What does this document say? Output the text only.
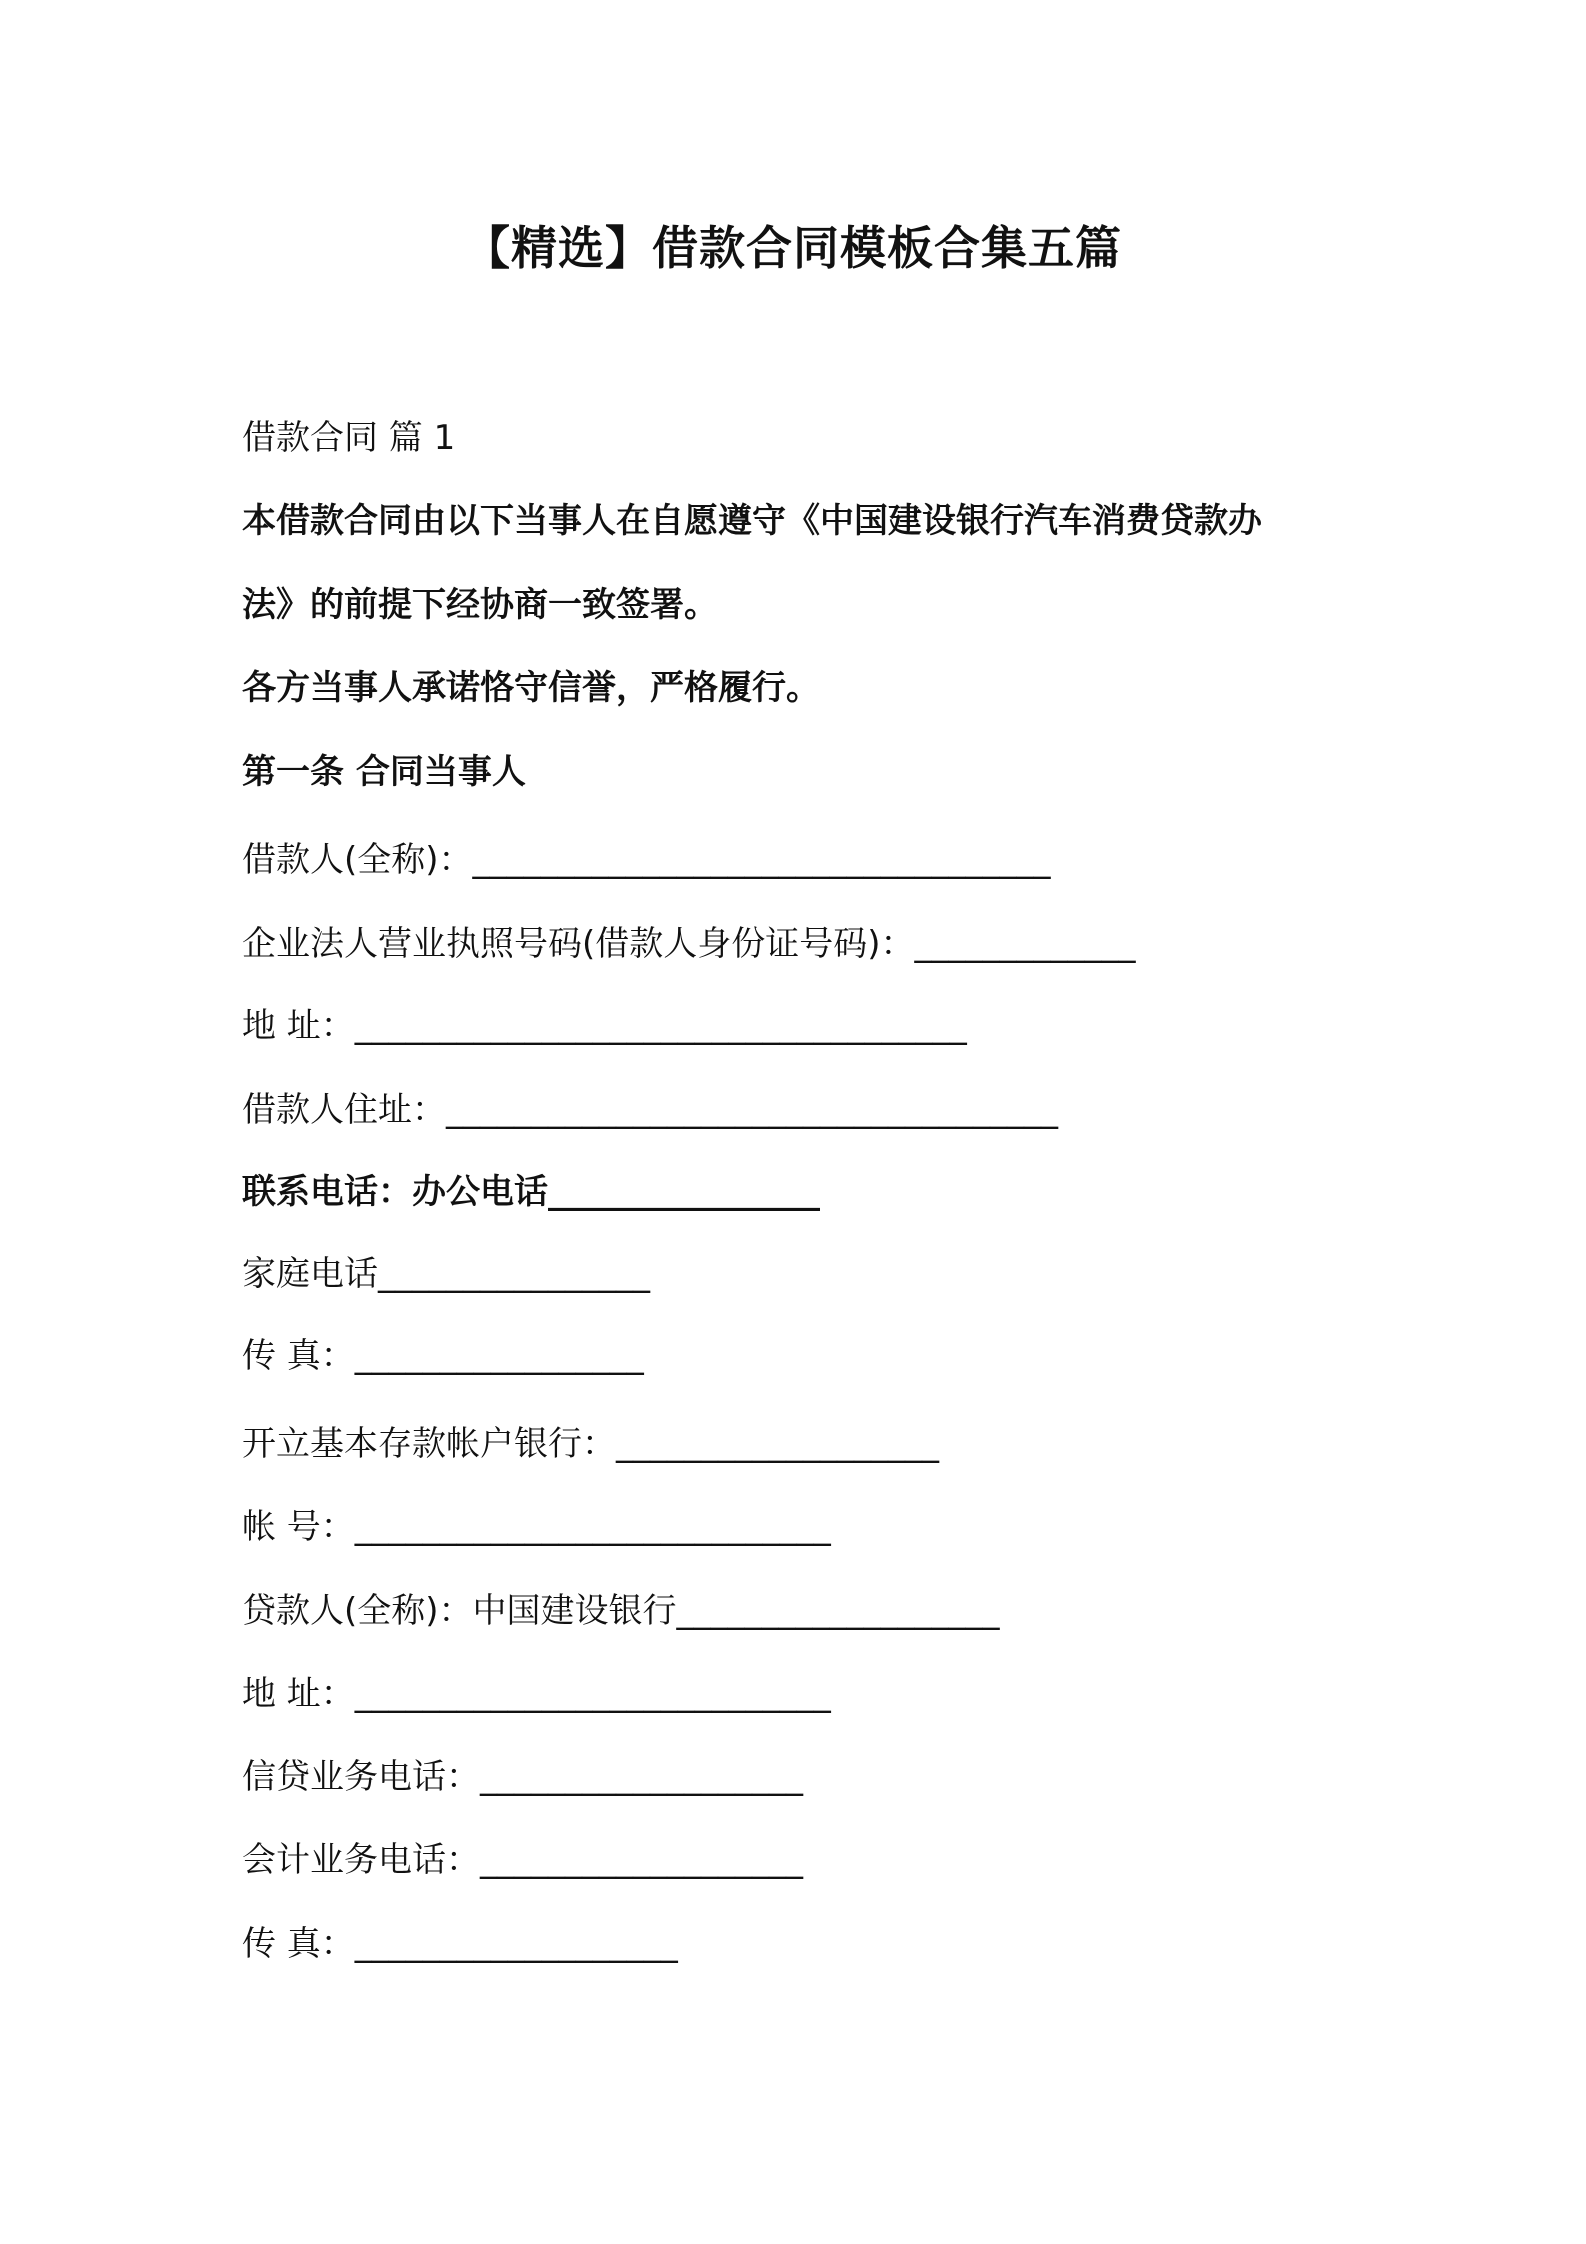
【精选】借款合同模板合集五篇
借款合同 篇 1
本借款合同由以下当事人在自愿遵守《中国建设银行汽车消费贷款办
法》的前提下经协商一致签署。
各方当事人承诺恪守信誉，严格履行。
第一条 合同当事人
借款人(全称)：__________________________________
企业法人营业执照号码(借款人身份证号码)：_____________
地 址：____________________________________
借款人住址：____________________________________
联系电话：办公电话________________
家庭电话________________
传 真：_________________
开立基本存款帐户银行：___________________
帐 号：____________________________
贷款人(全称)：中国建设银行___________________
地 址：____________________________
信贷业务电话：___________________
会计业务电话：___________________
传 真：___________________
